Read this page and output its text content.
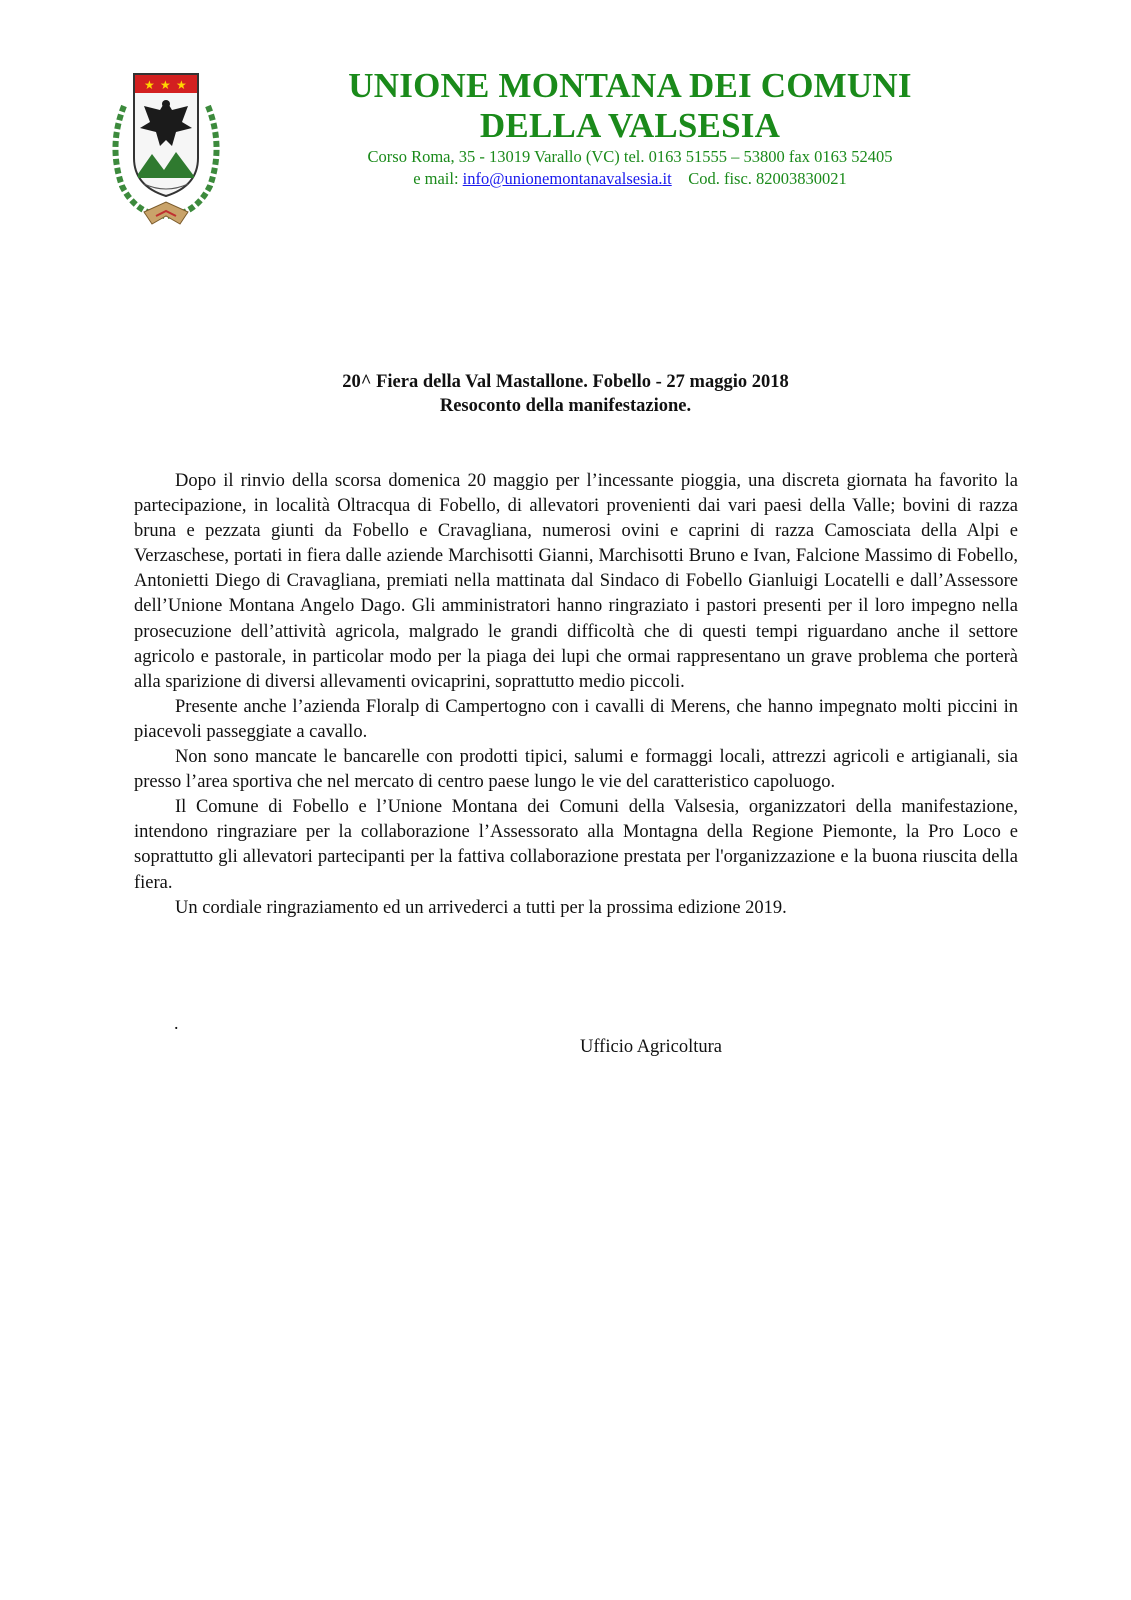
★ ★ ★	UNIONE MONTANA DEI COMUNI
DELLA VALSESIA
Corso Roma, 35 - 13019 Varallo (VC) tel. 0163 51555 – 53800 fax 0163 52405
e mail: info@unionemontanavalsesia.it Cod. fisc. 82003830021
20^ Fiera della Val Mastallone. Fobello - 27 maggio 2018
Resoconto della manifestazione.

Dopo il rinvio della scorsa domenica 20 maggio per l’incessante pioggia, una discreta giornata ha favorito la partecipazione, in località Oltracqua di Fobello, di allevatori provenienti dai vari paesi della Valle; bovini di razza bruna e pezzata giunti da Fobello e Cravagliana, numerosi ovini e caprini di razza Camosciata della Alpi e Verzaschese, portati in fiera dalle aziende Marchisotti Gianni, Marchisotti Bruno e Ivan, Falcione Massimo di Fobello, Antonietti Diego di Cravagliana, premiati nella mattinata dal Sindaco di Fobello Gianluigi Locatelli e dall’Assessore dell’Unione Montana Angelo Dago. Gli amministratori hanno ringraziato i pastori presenti per il loro impegno nella prosecuzione dell’attività agricola, malgrado le grandi difficoltà che di questi tempi riguardano anche il settore agricolo e pastorale, in particolar modo per la piaga dei lupi che ormai rappresentano un grave problema che porterà alla sparizione di diversi allevamenti ovicaprini, soprattutto medio piccoli.

Presente anche l’azienda Floralp di Campertogno con i cavalli di Merens, che hanno impegnato molti piccini in piacevoli passeggiate a cavallo.

Non sono mancate le bancarelle con prodotti tipici, salumi e formaggi locali, attrezzi agricoli e artigianali, sia presso l’area sportiva che nel mercato di centro paese lungo le vie del caratteristico capoluogo.

Il Comune di Fobello e l’Unione Montana dei Comuni della Valsesia, organizzatori della manifestazione, intendono ringraziare per la collaborazione l’Assessorato alla Montagna della Regione Piemonte, la Pro Loco e soprattutto gli allevatori partecipanti per la fattiva collaborazione prestata per l'organizzazione e la buona riuscita della fiera.

Un cordiale ringraziamento ed un arrivederci a tutti per la prossima edizione 2019.

.
Ufficio Agricoltura
